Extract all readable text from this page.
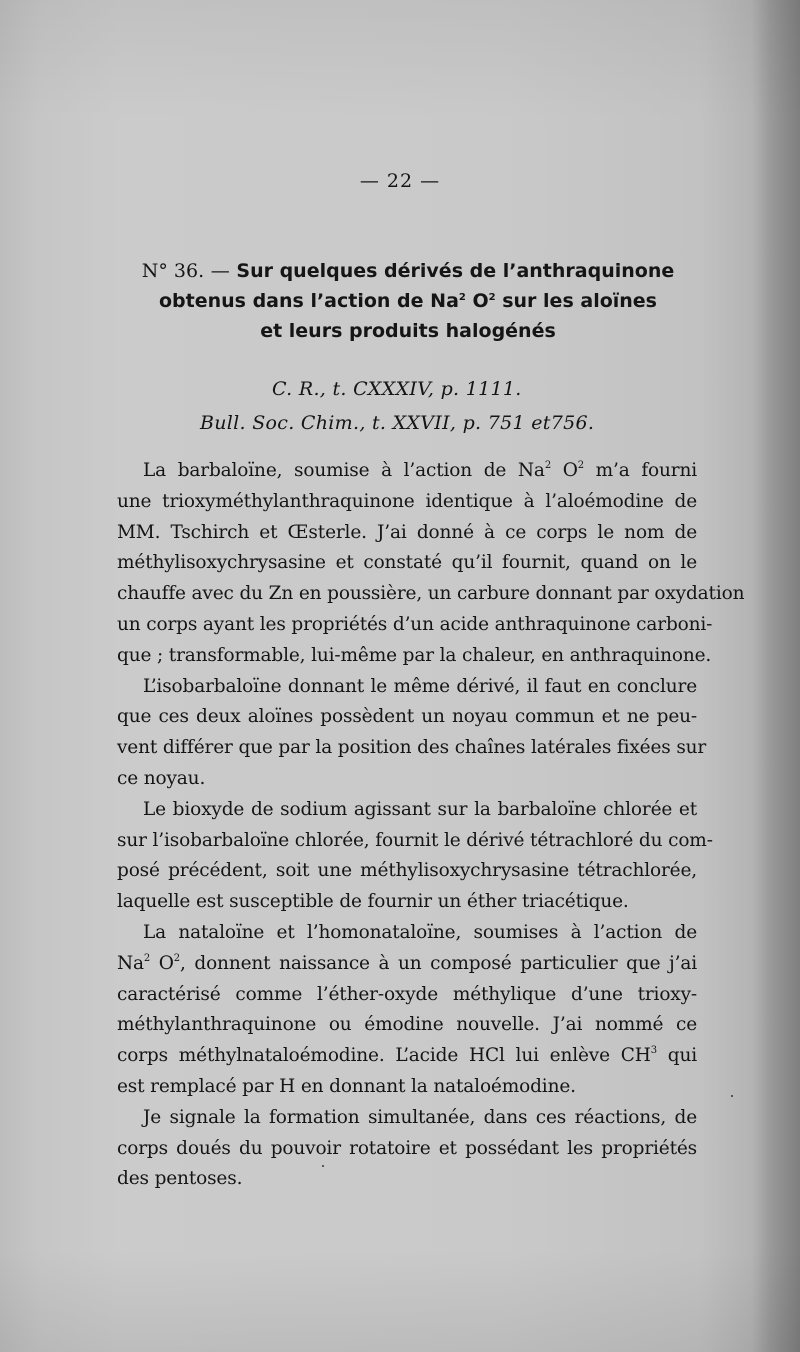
— 22 —
N° 36. — Sur quelques dérivés de l’anthraquinone
obtenus dans l’action de Na$^2$ $O^2$ sur les aloïnes
et leurs produits halogénés
C. R., t. CXXXIV, p. 1111.
Bull. Soc. Chim., t. XXVII, p. 751 et756.
La barbaloïne, soumise à l’action de Na$^2$ $O^2$ m’a fourni
une trioxyméthylanthraquinone identique à l’aloémodine de
MM. Tschirch et Œsterle. J’ai donné à ce corps le nom de
méthylisoxychrysasine et constaté qu’il fournit, quand on le
chauffe avec du Zn en poussière, un carbure donnant par oxydation
un corps ayant les propriétés d’un acide anthraquinone carboni-
que ; transformable, lui-même par la chaleur, en anthraquinone.
L’isobarbaloïne donnant le même dérivé, il faut en conclure
que ces deux aloïnes possèdent un noyau commun et ne peu-
vent différer que par la position des chaînes latérales fixées sur
ce noyau.
Le bioxyde de sodium agissant sur la barbaloïne chlorée et
sur l’isobarbaloïne chlorée, fournit le dérivé tétrachloré du com-
posé précédent, soit une méthylisoxychrysasine tétrachlorée,
laquelle est susceptible de fournir un éther triacétique.
La nataloïne et l’homonataloïne, soumises à l’action de
Na$^2$ $O^2$, donnent naissance à un composé particulier que j’ai
caractérisé comme l’éther-oxyde méthylique d’une trioxy-
méthylanthraquinone ou émodine nouvelle. J’ai nommé ce
corps méthylnataloémodine. L’acide HCl lui enlève $CH^3$ qui
est remplacé par H en donnant la nataloémodine.
Je signale la formation simultanée, dans ces réactions, de
corps doués du pouvoir rotatoire et possédant les propriétés
des pentoses.
